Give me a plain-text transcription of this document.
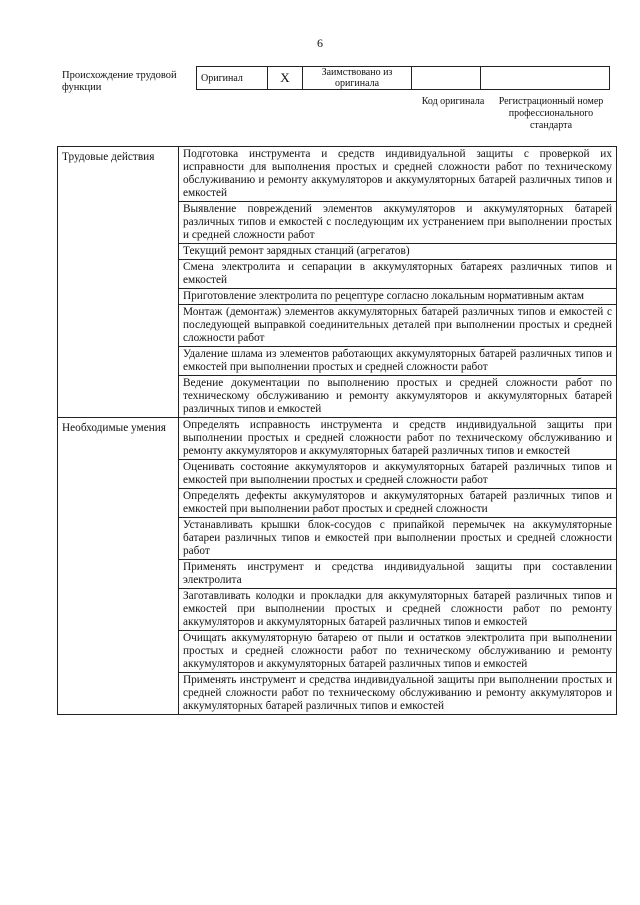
6
Происхождение трудовой функции
Оригинал	X	Заимствовано из оригинала		
Код оригинала	Регистрационный номер профессионального стандарта
Трудовые действия	Подготовка инструмента и средств индивидуальной защиты с проверкой их исправности для выполнения простых и средней сложности работ по техническому обслуживанию и ремонту аккумуляторов и аккумуляторных батарей различных типов и емкостей
	Выявление повреждений элементов аккумуляторов и аккумуляторных батарей различных типов и емкостей с последующим их устранением при выполнении простых и средней сложности работ
	Текущий ремонт зарядных станций (агрегатов)
	Смена электролита и сепарации в аккумуляторных батареях различных типов и емкостей
	Приготовление электролита по рецептуре согласно локальным нормативным актам
	Монтаж (демонтаж) элементов аккумуляторных батарей различных типов и емкостей с последующей выправкой соединительных деталей при выполнении простых и средней сложности работ
	Удаление шлама из элементов работающих аккумуляторных батарей различных типов и емкостей при выполнении простых и средней сложности работ
	Ведение документации по выполнению простых и средней сложности работ по техническому обслуживанию и ремонту аккумуляторов и аккумуляторных батарей различных типов и емкостей
Необходимые умения	Определять исправность инструмента и средств индивидуальной защиты при выполнении простых и средней сложности работ по техническому обслуживанию и ремонту аккумуляторов и аккумуляторных батарей различных типов и емкостей
	Оценивать состояние аккумуляторов и аккумуляторных батарей различных типов и емкостей при выполнении простых и средней сложности работ
	Определять дефекты аккумуляторов и аккумуляторных батарей различных типов и емкостей при выполнении работ простых и средней сложности
	Устанавливать крышки блок-сосудов с припайкой перемычек на аккумуляторные батареи различных типов и емкостей при выполнении простых и средней сложности работ
	Применять инструмент и средства индивидуальной защиты при составлении электролита
	Заготавливать колодки и прокладки для аккумуляторных батарей различных типов и емкостей при выполнении простых и средней сложности работ по ремонту аккумуляторов и аккумуляторных батарей различных типов и емкостей
	Очищать аккумуляторную батарею от пыли и остатков электролита при выполнении простых и средней сложности работ по техническому обслуживанию и ремонту аккумуляторов и аккумуляторных батарей различных типов и емкостей
	Применять инструмент и средства индивидуальной защиты при выполнении простых и средней сложности работ по техническому обслуживанию и ремонту аккумуляторов и аккумуляторных батарей различных типов и емкостей
